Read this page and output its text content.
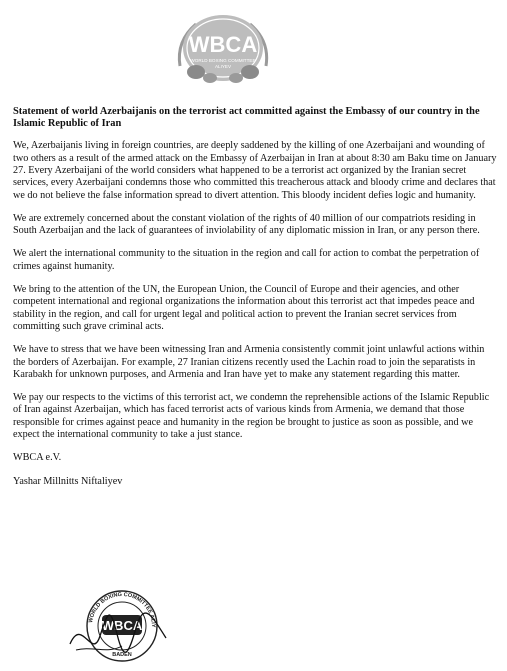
WBCA
WORLD BOXING COMMITTEE
ALIYEV

Statement of world Azerbaijanis on the terrorist act committed against the Embassy of our country in the Islamic Republic of Iran

We, Azerbaijanis living in foreign countries, are deeply saddened by the killing of one Azerbaijani and wounding of two others as a result of the armed attack on the Embassy of Azerbaijan in Iran at about 8:30 am Baku time on January 27. Every Azerbaijani of the world considers what happened to be a terrorist act organized by the Iranian secret services, every Azerbaijani condemns those who committed this treacherous attack and bloody crime and declares that we do not believe the false information spread to divert attention. This bloody incident defies logic and humanity.

We are extremely concerned about the constant violation of the rights of 40 million of our compatriots residing in South Azerbaijan and the lack of guarantees of inviolability of any diplomatic mission in Iran, or any person there.

We alert the international community to the situation in the region and call for action to combat the perpetration of crimes against humanity.

We bring to the attention of the UN, the European Union, the Council of Europe and their agencies, and other competent international and regional organizations the information about this terrorist act that impedes peace and stability in the region, and call for urgent legal and political action to prevent the Iranian secret services from committing such grave criminal acts.

We have to stress that we have been witnessing Iran and Armenia consistently commit joint unlawful actions within the borders of Azerbaijan. For example, 27 Iranian citizens recently used the Lachin road to join the separatists in Karabakh for unknown purposes, and Armenia and Iran have yet to make any statement regarding this matter.

We pay our respects to the victims of this terrorist act, we condemn the reprehensible actions of the Islamic Republic of Iran against Azerbaijan, which has faced terrorist acts of various kinds from Armenia, we demand that those responsible for crimes against peace and humanity in the region be brought to justice as soon as possible, and we expect the international community to take a just stance.

WBCA e.V.

Yashar Millnitts Niftaliyev

WBCA
WORLD BOXING COMMITTEE ALIY
BADEN
